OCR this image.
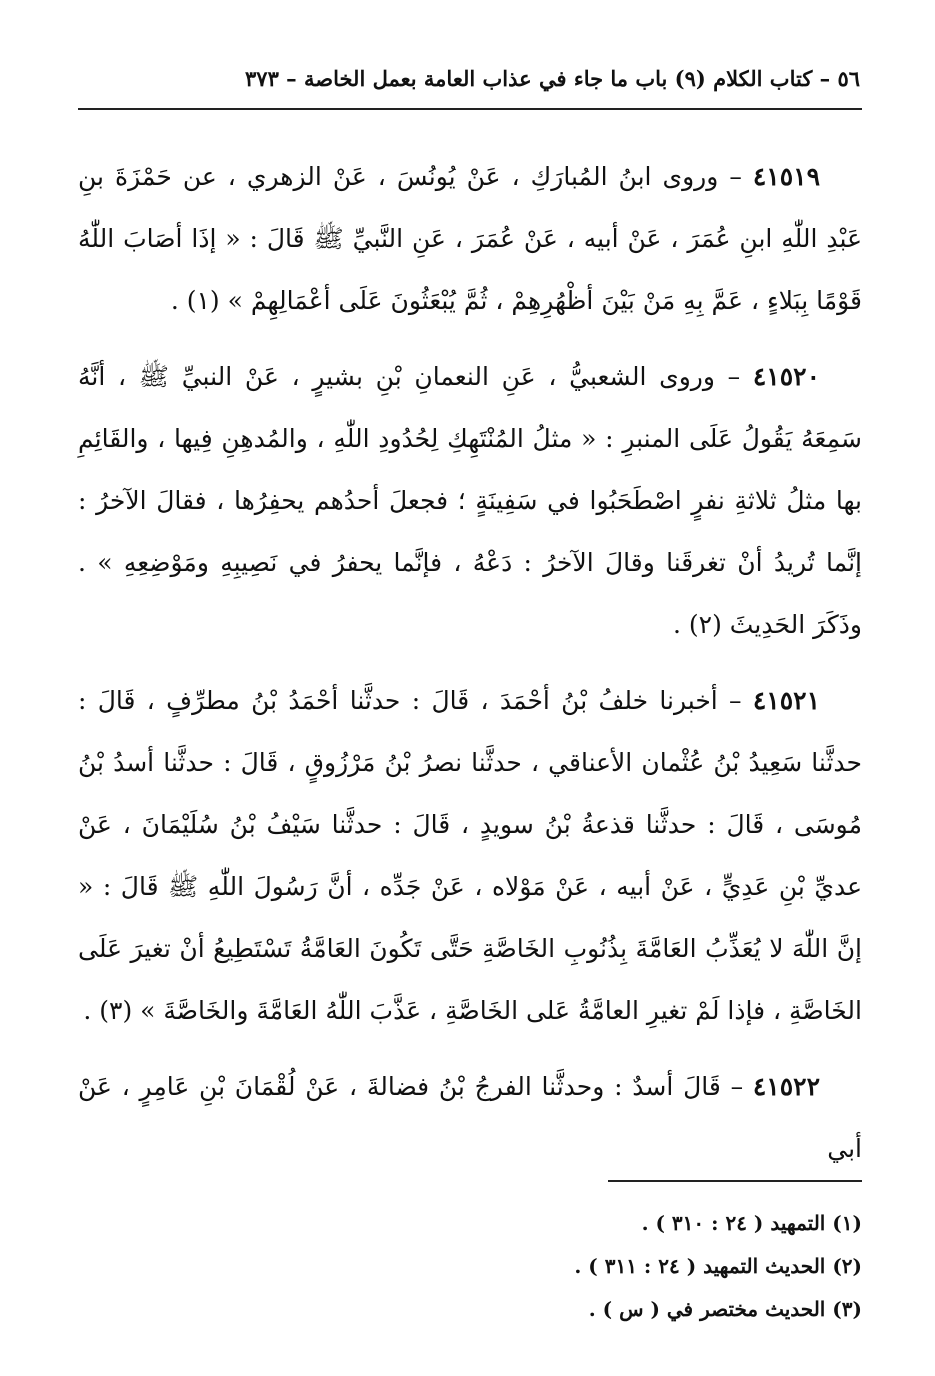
٥٦ – كتاب الكلام (٩) باب ما جاء في عذاب العامة بعمل الخاصة – ٣٧٣

٤١٥١٩ – وروى ابنُ المُبارَكِ ، عَنْ يُونُسَ ، عَنْ الزهري ، عن حَمْزَةَ بنِ عَبْدِ اللّٰهِ ابنِ عُمَرَ ، عَنْ أبيه ، عَنْ عُمَرَ ، عَنِ النَّبيِّ ﷺ قَالَ : « إذَا أصَابَ اللّٰهُ قَوْمًا بِبَلاءٍ ، عَمَّ بِهِ مَنْ بَيْنَ أظْهُرِهِمْ ، ثُمَّ يُبْعَثُونَ عَلَى أعْمَالِهِمْ » (١) .

٤١٥٢٠ – وروى الشعبيُّ ، عَنِ النعمانِ بْنِ بشيرٍ ، عَنْ النبيِّ ﷺ ، أنَّهُ سَمِعَهُ يَقُولُ عَلَى المنبرِ : « مثلُ المُنْتَهِكِ لِحُدُودِ اللّٰهِ ، والمُدهِنِ فِيها ، والقَائِمِ بها مثلُ ثلاثةِ نفرٍ اصْطَحَبُوا في سَفِينَةٍ ؛ فجعلَ أحدُهم يحفِرُها ، فقالَ الآخرُ : إنَّما تُريدُ أنْ تغرقَنا وقالَ الآخرُ : دَعْهُ ، فإنَّما يحفرُ في نَصِيبِهِ ومَوْضِعِهِ » . وذَكَرَ الحَدِيثَ (٢) .

٤١٥٢١ – أخبرنا خلفُ بْنُ أحْمَدَ ، قَالَ : حدثَّنا أحْمَدُ بْنُ مطرِّفٍ ، قَالَ : حدثَّنا سَعِيدُ بْنُ عُثْمان الأعناقي ، حدثَّنا نصرُ بْنُ مَرْزُوقٍ ، قَالَ : حدثَّنا أسدُ بْنُ مُوسَى ، قَالَ : حدثَّنا قذعةُ بْنُ سويدٍ ، قَالَ : حدثَّنا سَيْفُ بْنُ سُلَيْمَانَ ، عَنْ عديِّ بْنِ عَدِيٍّ ، عَنْ أبيه ، عَنْ مَوْلاه ، عَنْ جَدِّه ، أنَّ رَسُولَ اللّٰهِ ﷺ قَالَ : « إنَّ اللّٰهَ لا يُعَذِّبُ العَامَّةَ بِذُنُوبِ الخَاصَّةِ حَتَّى تَكُونَ العَامَّةُ تَسْتَطِيعُ أنْ تغيرَ عَلَى الخَاصَّةِ ، فإذا لَمْ تغيرِ العامَّةُ عَلى الخَاصَّةِ ، عَذَّبَ اللّٰهُ العَامَّةَ والخَاصَّةَ » (٣) .

٤١٥٢٢ – قَالَ أسدٌ : وحدثَّنا الفرجُ بْنُ فضالةَ ، عَنْ لُقْمَانَ بْنِ عَامِرٍ ، عَنْ أبي

(١) التمهيد ( ٢٤ : ٣١٠ ) .
(٢) الحديث التمهيد ( ٢٤ : ٣١١ ) .
(٣) الحديث مختصر في ( س ) .
